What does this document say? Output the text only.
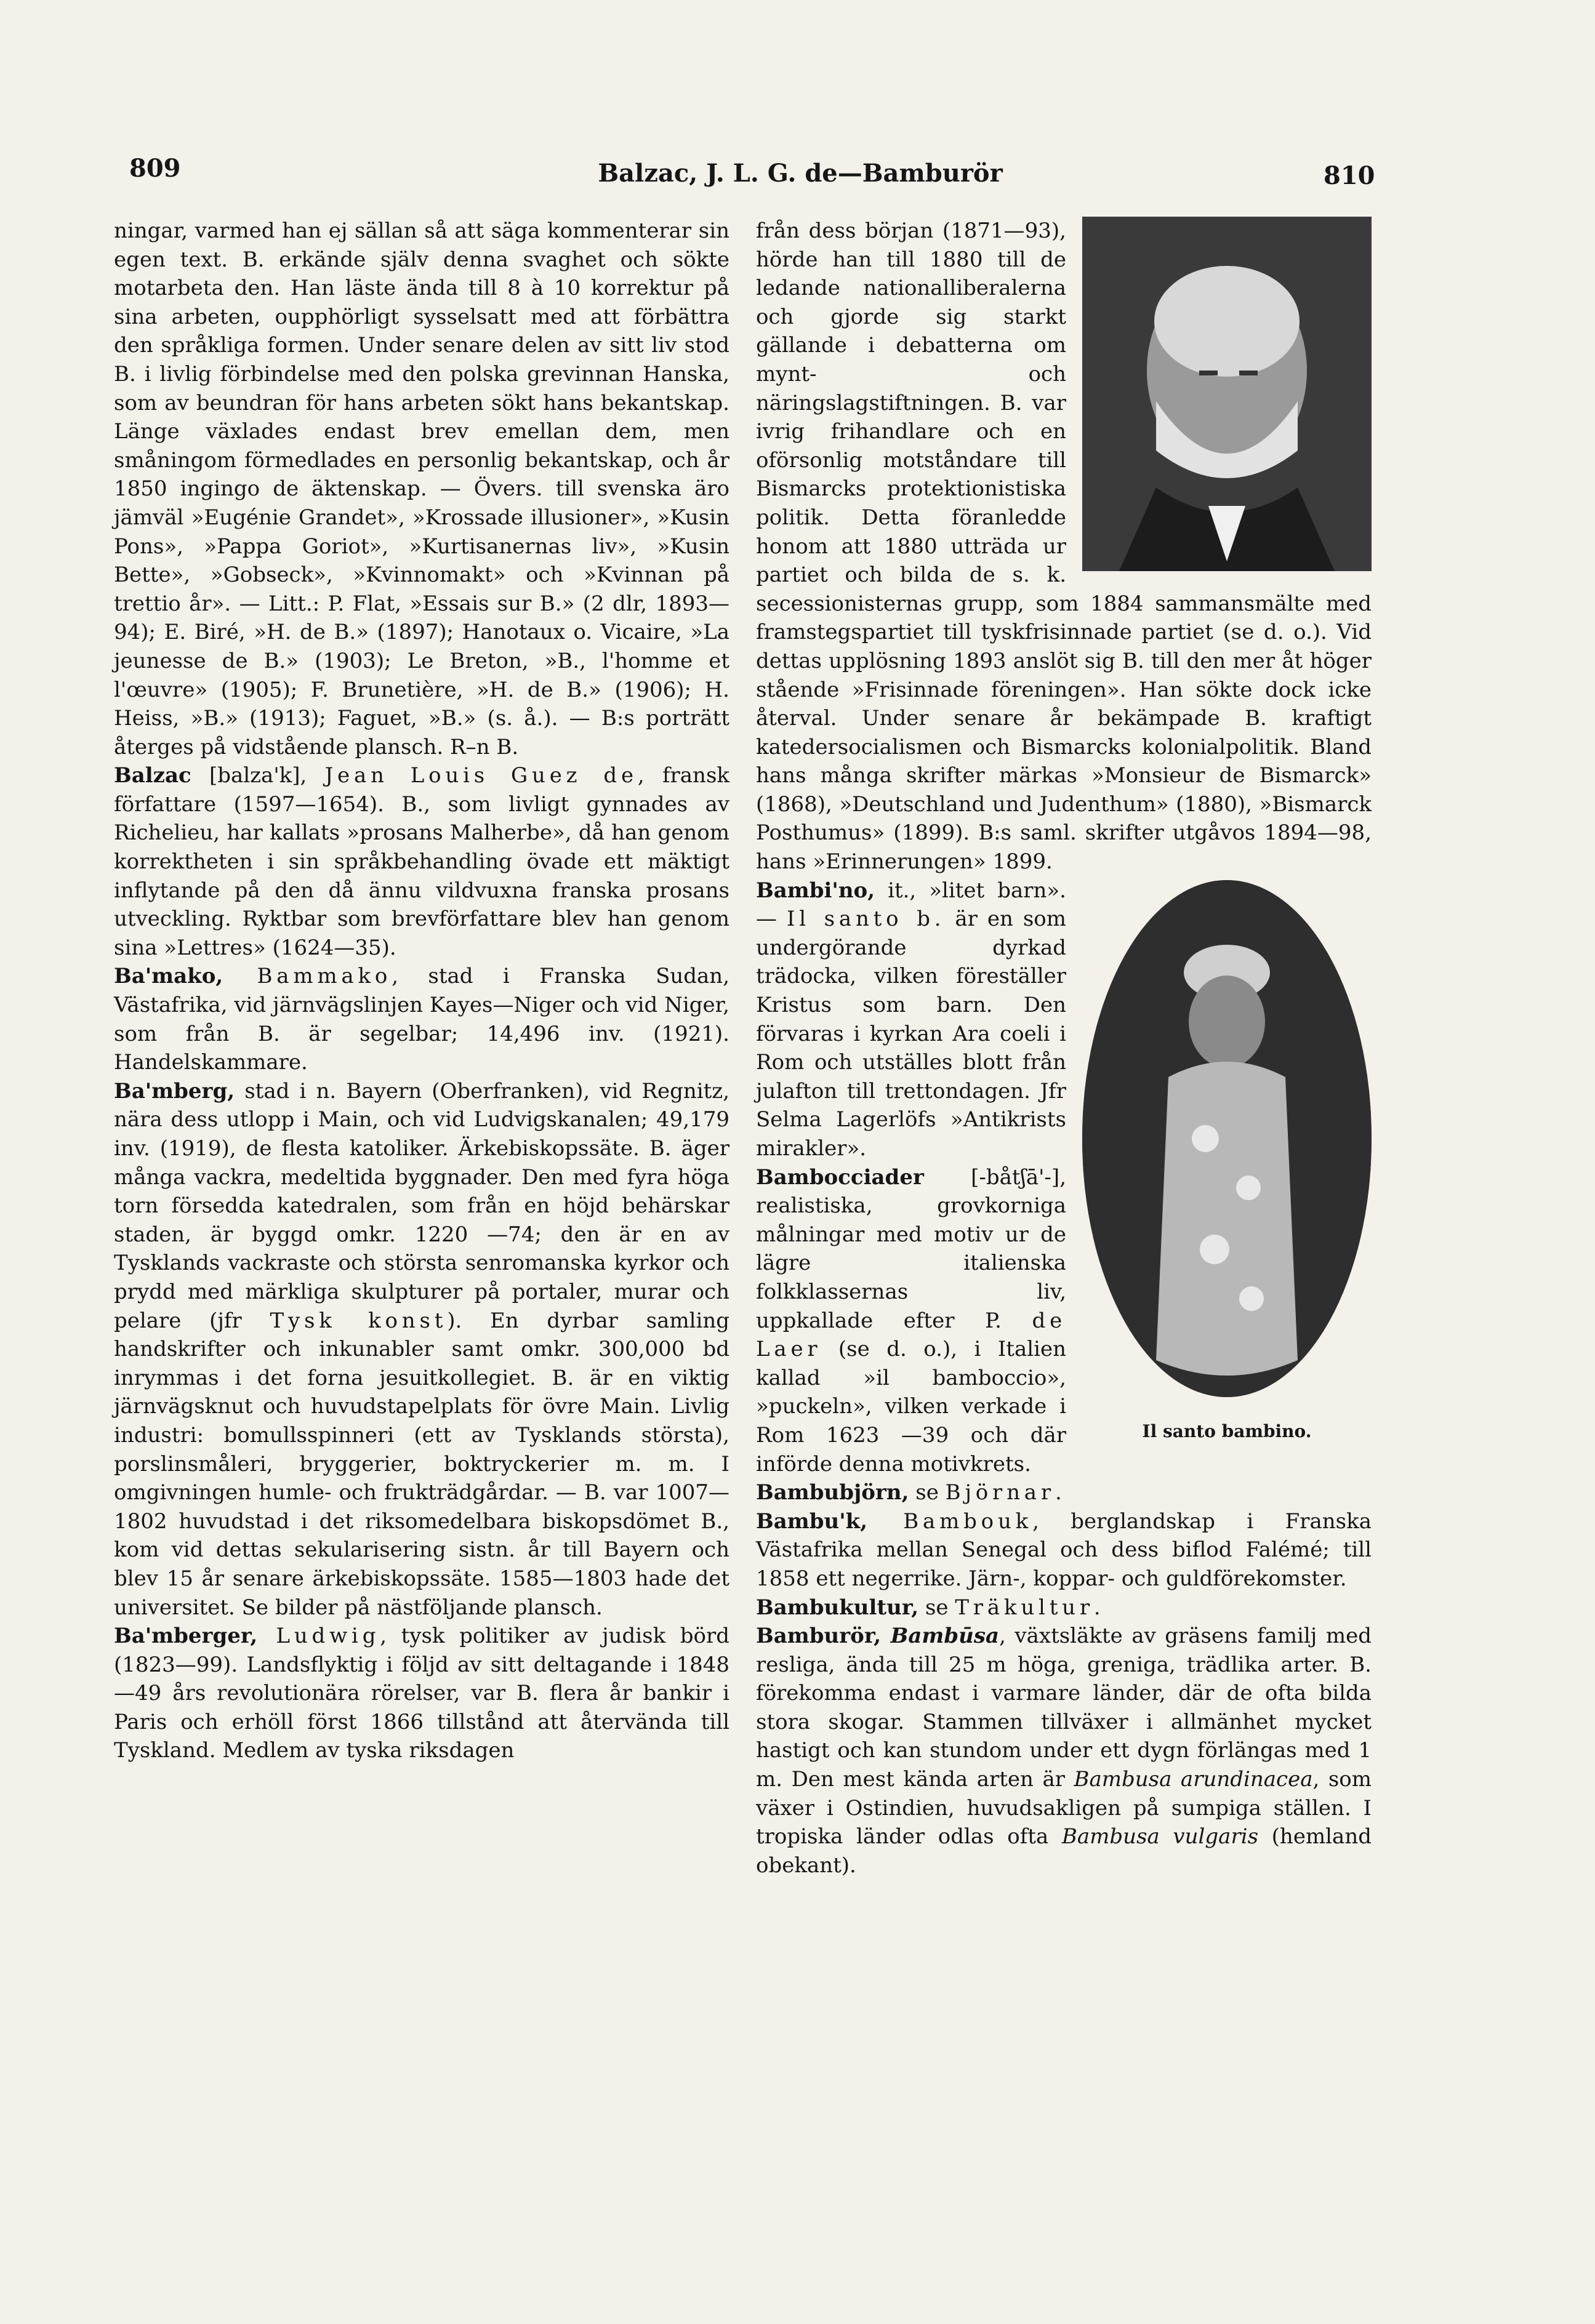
809	Balzac, J. L. G. de—Bamburör	810

ningar, varmed han ej sällan så att säga kommenterar sin egen text. B. erkände själv denna svaghet och sökte motarbeta den. Han läste ända till 8 à 10 korrektur på sina arbeten, oupphörligt sysselsatt med att förbättra den språkliga formen. Under senare delen av sitt liv stod B. i livlig förbindelse med den polska grevinnan Hanska, som av beundran för hans arbeten sökt hans bekantskap. Länge växlades endast brev emellan dem, men småningom förmedlades en personlig bekantskap, och år 1850 ingingo de äktenskap. — Övers. till svenska äro jämväl »Eugénie Grandet», »Krossade illusioner», »Kusin Pons», »Pappa Goriot», »Kurtisanernas liv», »Kusin Bette», »Gobseck», »Kvinnomakt» och »Kvinnan på trettio år». — Litt.: P. Flat, »Essais sur B.» (2 dlr, 1893—94); E. Biré, »H. de B.» (1897); Hanotaux o. Vicaire, »La jeunesse de B.» (1903); Le Breton, »B., l'homme et l'œuvre» (1905); F. Brunetière, »H. de B.» (1906); H. Heiss, »B.» (1913); Faguet, »B.» (s. å.). — B:s porträtt återges på vidstående plansch. R–n B.

Balzac [balza'k], Jean Louis Guez de, fransk författare (1597—1654). B., som livligt gynnades av Richelieu, har kallats »prosans Malherbe», då han genom korrektheten i sin språkbehandling övade ett mäktigt inflytande på den då ännu vildvuxna franska prosans utveckling. Ryktbar som brevförfattare blev han genom sina »Lettres» (1624—35).

Ba'mako, Bammako, stad i Franska Sudan, Västafrika, vid järnvägslinjen Kayes—Niger och vid Niger, som från B. är segelbar; 14,496 inv. (1921). Handelskammare.

Ba'mberg, stad i n. Bayern (Oberfranken), vid Regnitz, nära dess utlopp i Main, och vid Ludvigskanalen; 49,179 inv. (1919), de flesta katoliker. Ärkebiskopssäte. B. äger många vackra, medeltida byggnader. Den med fyra höga torn försedda katedralen, som från en höjd behärskar staden, är byggd omkr. 1220 —74; den är en av Tysklands vackraste och största senromanska kyrkor och prydd med märkliga skulpturer på portaler, murar och pelare (jfr Tysk konst). En dyrbar samling handskrifter och inkunabler samt omkr. 300,000 bd inrymmas i det forna jesuitkollegiet. B. är en viktig järnvägsknut och huvudstapelplats för övre Main. Livlig industri: bomullsspinneri (ett av Tysklands största), porslinsmåleri, bryggerier, boktryckerier m. m. I omgivningen humle- och frukträdgårdar. — B. var 1007—1802 huvudstad i det riksomedelbara biskopsdömet B., kom vid dettas sekularisering sistn. år till Bayern och blev 15 år senare ärkebiskopssäte. 1585—1803 hade det universitet. Se bilder på nästföljande plansch.

Ba'mberger, Ludwig, tysk politiker av judisk börd (1823—99). Landsflyktig i följd av sitt deltagande i 1848—49 års revolutionära rörelser, var B. flera år bankir i Paris och erhöll först 1866 tillstånd att återvända till Tyskland. Medlem av tyska riksdagen

från dess början (1871—93), hörde han till 1880 till de ledande nationalliberalerna och gjorde sig starkt gällande i debatterna om mynt- och näringslagstiftningen. B. var ivrig frihandlare och en oförsonlig motståndare till Bismarcks protektionistiska politik. Detta föranledde honom att 1880 utträda ur partiet och bilda de s. k. secessionisternas grupp, som 1884 sammansmälte med framstegspartiet till tyskfrisinnade partiet (se d. o.). Vid dettas upplösning 1893 anslöt sig B. till den mer åt höger stående »Frisinnade föreningen». Han sökte dock icke återval. Under senare år bekämpade B. kraftigt katedersocialismen och Bismarcks kolonialpolitik. Bland hans många skrifter märkas »Monsieur de Bismarck» (1868), »Deutschland und Judenthum» (1880), »Bismarck Posthumus» (1899). B:s saml. skrifter utgåvos 1894—98, hans »Erinnerungen» 1899.

Il santo bambino.

Bambi'no, it., »litet barn». — Il santo b. är en som undergörande dyrkad trädocka, vilken föreställer Kristus som barn. Den förvaras i kyrkan Ara coeli i Rom och utställes blott från julafton till trettondagen. Jfr Selma Lagerlöfs »Antikrists mirakler».

Bambocciader [-båtʃā'-], realistiska, grovkorniga målningar med motiv ur de lägre italienska folkklassernas liv, uppkallade efter P. de Laer (se d. o.), i Italien kallad »il bamboccio», »puckeln», vilken verkade i Rom 1623 —39 och där införde denna motivkrets.

Bambubjörn, se Björnar.

Bambu'k, Bambouk, berglandskap i Franska Västafrika mellan Senegal och dess biflod Falémé; till 1858 ett negerrike. Järn-, koppar- och guldförekomster.

Bambukultur, se Träkultur.

Bamburör, Bambūsa, växtsläkte av gräsens familj med resliga, ända till 25 m höga, greniga, trädlika arter. B. förekomma endast i varmare länder, där de ofta bilda stora skogar. Stammen tillväxer i allmänhet mycket hastigt och kan stundom under ett dygn förlängas med 1 m. Den mest kända arten är Bambusa arundinacea, som växer i Ostindien, huvudsakligen på sumpiga ställen. I tropiska länder odlas ofta Bambusa vulgaris (hemland obekant).
